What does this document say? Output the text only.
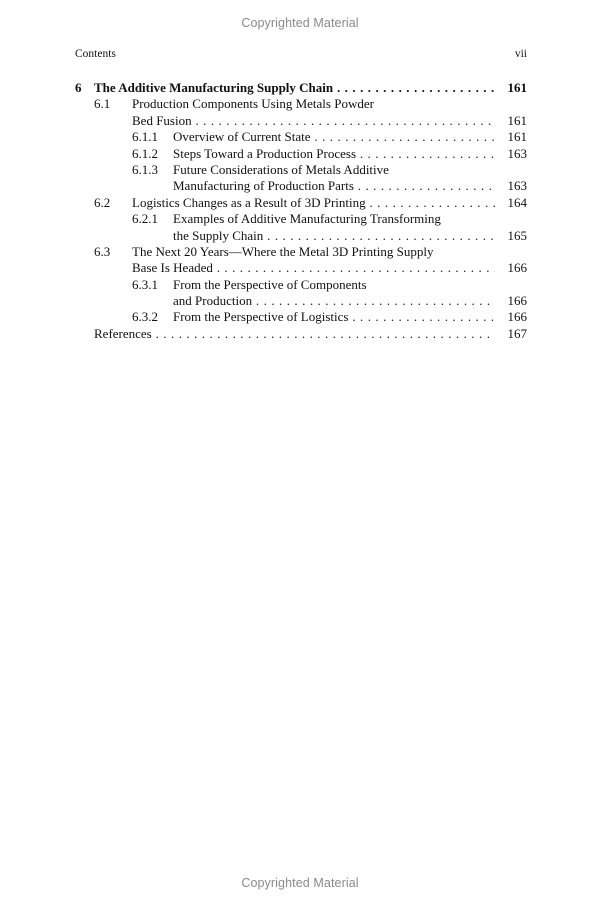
Copyrighted Material
Contents	vii
6 The Additive Manufacturing Supply Chain . . .	161
6.1 Production Components Using Metals Powder
Bed Fusion . . .	161
6.1.1 Overview of Current State . . .	161
6.1.2 Steps Toward a Production Process . . .	163
6.1.3 Future Considerations of Metals Additive
Manufacturing of Production Parts . . .	163
6.2 Logistics Changes as a Result of 3D Printing . . .	164
6.2.1 Examples of Additive Manufacturing Transforming
the Supply Chain . . .	165
6.3 The Next 20 Years—Where the Metal 3D Printing Supply
Base Is Headed . . .	166
6.3.1 From the Perspective of Components
and Production . . .	166
6.3.2 From the Perspective of Logistics . . .	166
References . . .	167
Copyrighted Material
